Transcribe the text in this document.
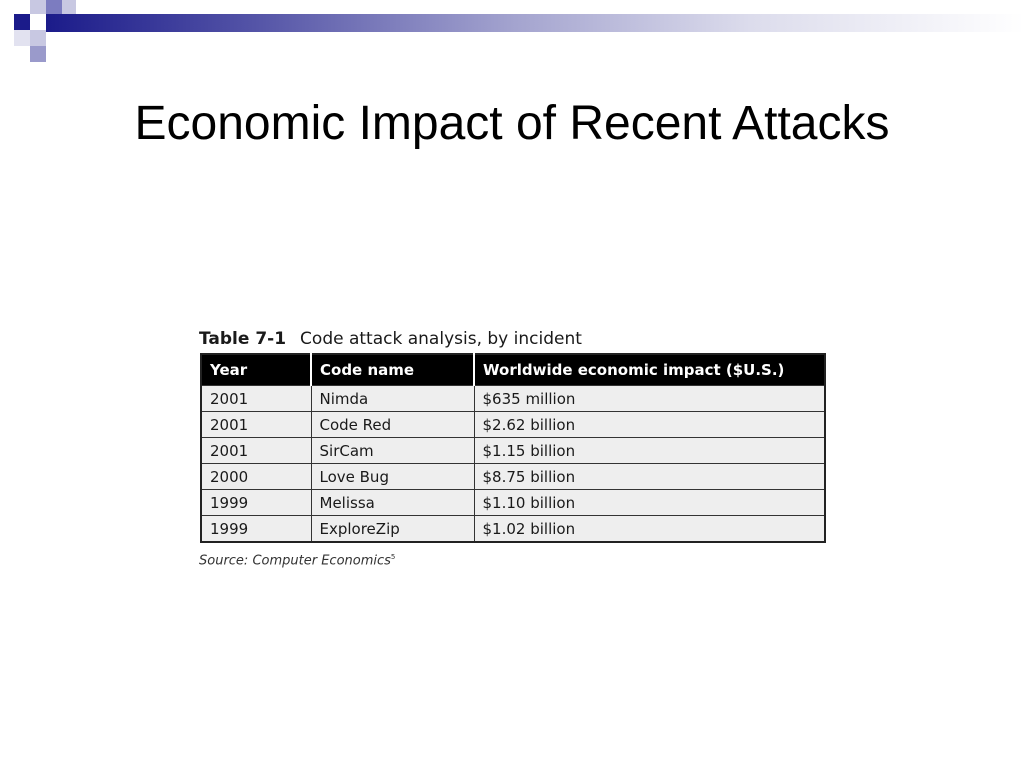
Economic Impact of Recent Attacks
Table 7-1 Code attack analysis, by incident
Year	Code name	Worldwide economic impact ($U.S.)
2001	Nimda	$635 million
2001	Code Red	$2.62 billion
2001	SirCam	$1.15 billion
2000	Love Bug	$8.75 billion
1999	Melissa	$1.10 billion
1999	ExploreZip	$1.02 billion
Source: Computer Economics$^5$
